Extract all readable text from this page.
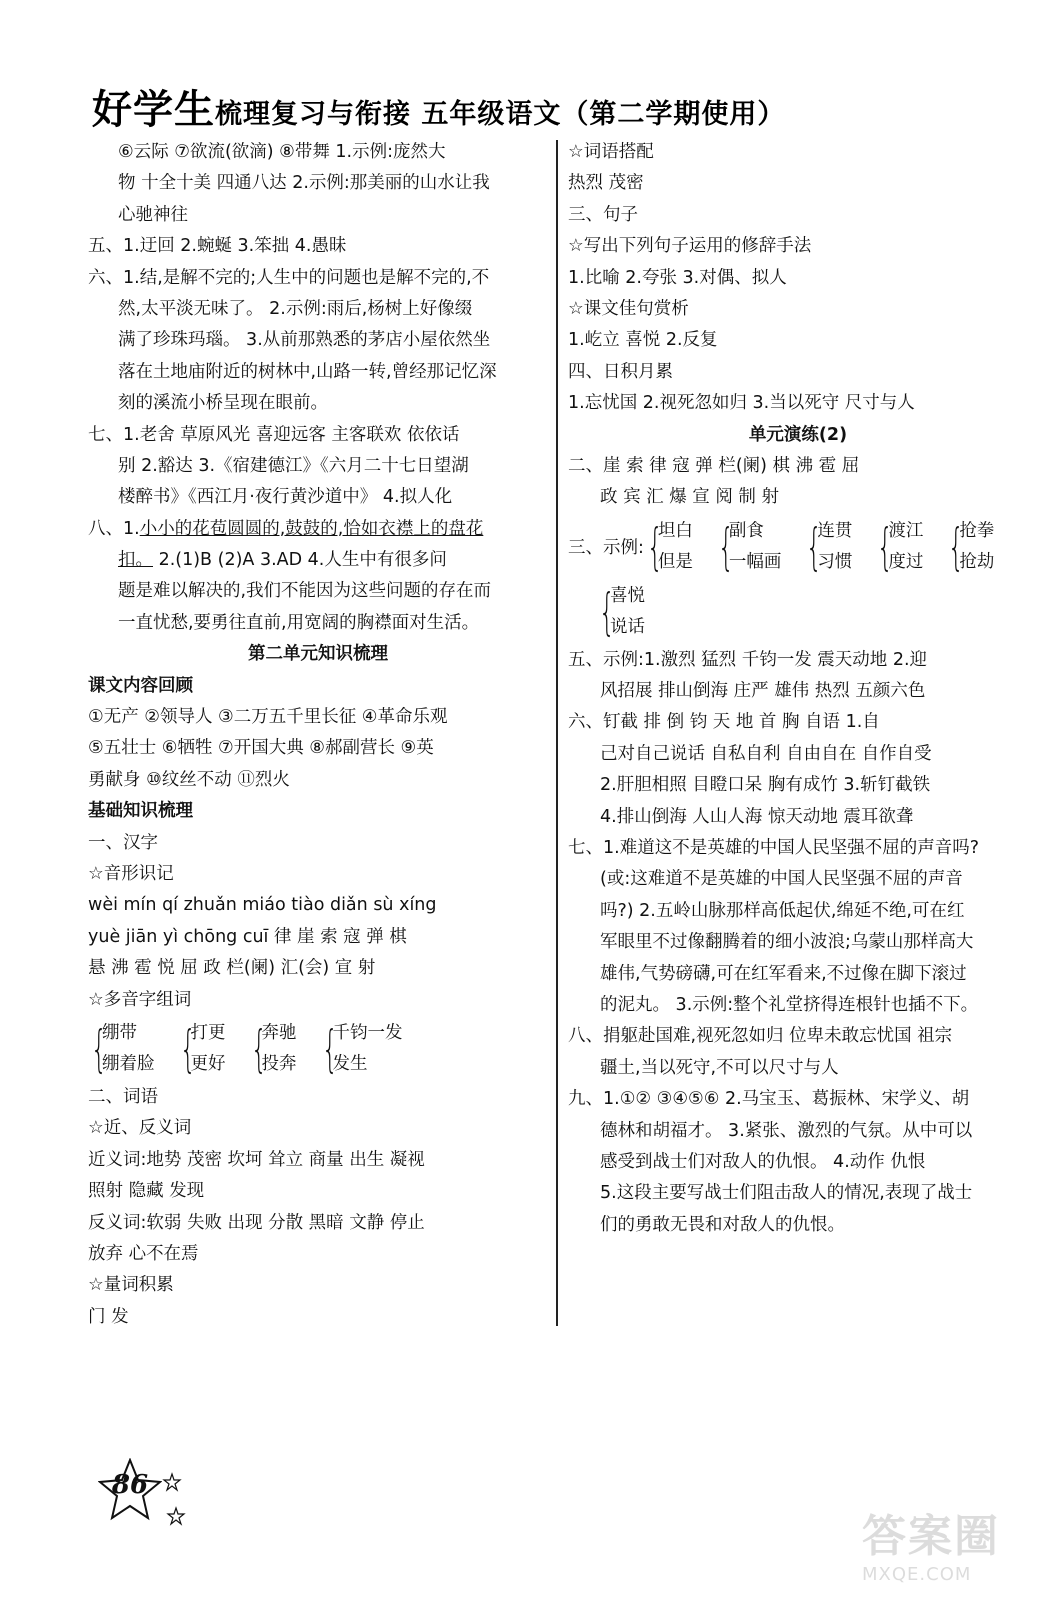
好学生梳理复习与衔接 五年级语文（第二学期使用）
⑥云际 ⑦欲流(欲滴) ⑧带舞 1.示例:庞然大
物 十全十美 四通八达 2.示例:那美丽的山水让我
心驰神往
五、1.迂回 2.蜿蜒 3.笨拙 4.愚昧
六、1.结,是解不完的;人生中的问题也是解不完的,不
然,太平淡无味了。 2.示例:雨后,杨树上好像缀
满了珍珠玛瑙。 3.从前那熟悉的茅店小屋依然坐
落在土地庙附近的树林中,山路一转,曾经那记忆深
刻的溪流小桥呈现在眼前。
七、1.老舍 草原风光 喜迎远客 主客联欢 依依话
别 2.豁达 3.《宿建德江》《六月二十七日望湖
楼醉书》《西江月·夜行黄沙道中》 4.拟人化
八、1.小小的花苞圆圆的,鼓鼓的,恰如衣襟上的盘花
扣。 2.(1)B (2)A 3.AD 4.人生中有很多问
题是难以解决的,我们不能因为这些问题的存在而
一直忧愁,要勇往直前,用宽阔的胸襟面对生活。
第二单元知识梳理
课文内容回顾
①无产 ②领导人 ③二万五千里长征 ④革命乐观
⑤五壮士 ⑥牺牲 ⑦开国大典 ⑧郝副营长 ⑨英
勇献身 ⑩纹丝不动 ⑪烈火
基础知识梳理
一、汉字
☆音形识记
wèi mín qí zhuǎn miáo tiào diǎn sù xíng
yuè jiān yì chōng cuī 律 崖 索 寇 弹 棋
悬 沸 雹 悦 屈 政 栏(阑) 汇(会) 宣 射
☆多音字组词
{
绷带
绷着脸 {
打更
更好 {
奔驰
投奔 {
千钧一发
发生
二、词语
☆近、反义词
近义词:地势 茂密 坎坷 耸立 商量 出生 凝视
照射 隐藏 发现
反义词:软弱 失败 出现 分散 黑暗 文静 停止
放弃 心不在焉
☆量词积累
门 发
☆词语搭配
热烈 茂密
三、句子
☆写出下列句子运用的修辞手法
1.比喻 2.夸张 3.对偶、拟人
☆课文佳句赏析
1.屹立 喜悦 2.反复
四、日积月累
1.忘忧国 2.视死忽如归 3.当以死守 尺寸与人
单元演练(2)
二、崖 索 律 寇 弹 栏(阑) 棋 沸 雹 屈
政 宾 汇 爆 宣 阅 制 射
三、示例: {
坦白
但是 {
副食
一幅画 {
连贯
习惯 {
渡江
度过 {
抢拳
抢劫
{
喜悦
说话
五、示例:1.激烈 猛烈 千钧一发 震天动地 2.迎
风招展 排山倒海 庄严 雄伟 热烈 五颜六色
六、钉截 排 倒 钧 天 地 首 胸 自语 1.自
己对自己说话 自私自利 自由自在 自作自受
2.肝胆相照 目瞪口呆 胸有成竹 3.斩钉截铁
4.排山倒海 人山人海 惊天动地 震耳欲聋
七、1.难道这不是英雄的中国人民坚强不屈的声音吗?
(或:这难道不是英雄的中国人民坚强不屈的声音
吗?) 2.五岭山脉那样高低起伏,绵延不绝,可在红
军眼里不过像翻腾着的细小波浪;乌蒙山那样高大
雄伟,气势磅礴,可在红军看来,不过像在脚下滚过
的泥丸。 3.示例:整个礼堂挤得连根针也插不下。
八、捐躯赴国难,视死忽如归 位卑未敢忘忧国 祖宗
疆土,当以死守,不可以尺寸与人
九、1.①② ③④⑤⑥ 2.马宝玉、葛振林、宋学义、胡
德林和胡福才。 3.紧张、激烈的气氛。从中可以
感受到战士们对敌人的仇恨。 4.动作 仇恨
5.这段主要写战士们阻击敌人的情况,表现了战士
们的勇敢无畏和对敌人的仇恨。
86
答案圈
MXQE.COM
